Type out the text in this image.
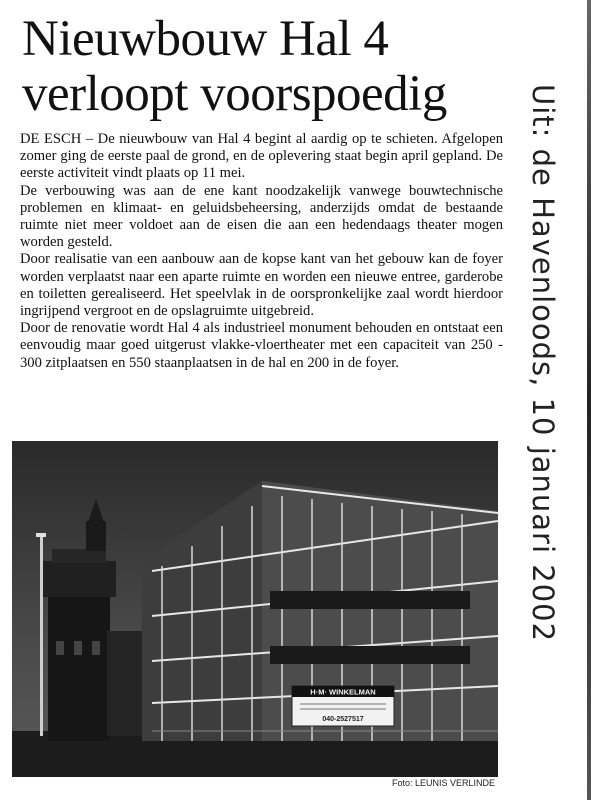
Nieuwbouw Hal 4
verloopt voorspoedig

DE ESCH – De nieuwbouw van Hal 4 begint al aardig op te schieten. Afgelopen zomer ging de eerste paal de grond, en de oplevering staat begin april gepland. De eerste activiteit vindt plaats op 11 mei.

De verbouwing was aan de ene kant noodzakelijk vanwege bouwtechnische problemen en klimaat- en geluidsbeheersing, anderzijds omdat de bestaande ruimte niet meer voldoet aan de eisen die aan een hedendaags theater mogen worden gesteld.

Door realisatie van een aanbouw aan de kopse kant van het gebouw kan de foyer worden verplaatst naar een aparte ruimte en worden een nieuwe entree, garderobe en toiletten gerealiseerd. Het speelvlak in de oorspronkelijke zaal wordt hierdoor ingrijpend vergroot en de opslagruimte uitgebreid.

Door de renovatie wordt Hal 4 als industrieel monument behouden en ontstaat een eenvoudig maar goed uitgerust vlakke-vloertheater met een capaciteit van 250 - 300 zitplaatsen en 550 staanplaatsen in de hal en 200 in de foyer.	Uit: de Havenloods, 10 januari 2002
H·M· WINKELMAN
040-2527517
Foto: LEUNIS VERLINDE
